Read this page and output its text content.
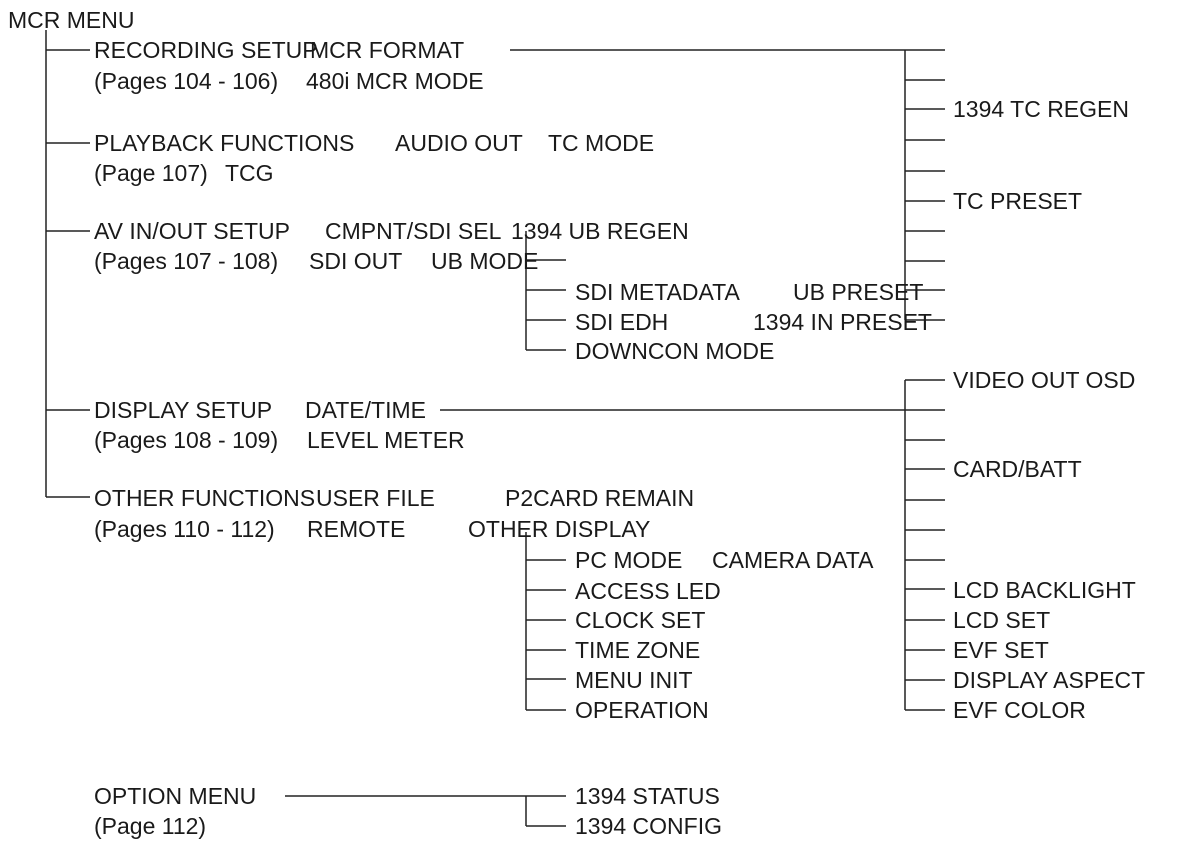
MCR MENU
RECORDING SETUP
MCR FORMAT
(Pages 104 - 106) 480i MCR MODE
PLAYBACK FUNCTIONS AUDIO OUT TC MODE
(Page 107) TCG
AV IN/OUT SETUP CMPNT/SDI SEL
(Pages 107 - 108) SDI OUT
SDI METADATA
SDI EDH
DOWNCON MODE
DISPLAY SETUP DATE/TIME
(Pages 108 - 109) LEVEL METER
OTHER FUNCTIONS USER FILE
(Pages 110 - 112) REMOTE
PC MODE
ACCESS LED
CLOCK SET
TIME ZONE
MENU INIT
OPERATION
1394 UB REGEN
UB MODE
UB PRESET
1394 IN PRESET
P2CARD REMAIN
OTHER DISPLAY
CAMERA DATA
1394 TC REGEN
TC PRESET
VIDEO OUT OSD
CARD/BATT
LCD BACKLIGHT
LCD SET
EVF SET
DISPLAY ASPECT
EVF COLOR
OPTION MENU
(Page 112)
1394 STATUS
1394 CONFIG
